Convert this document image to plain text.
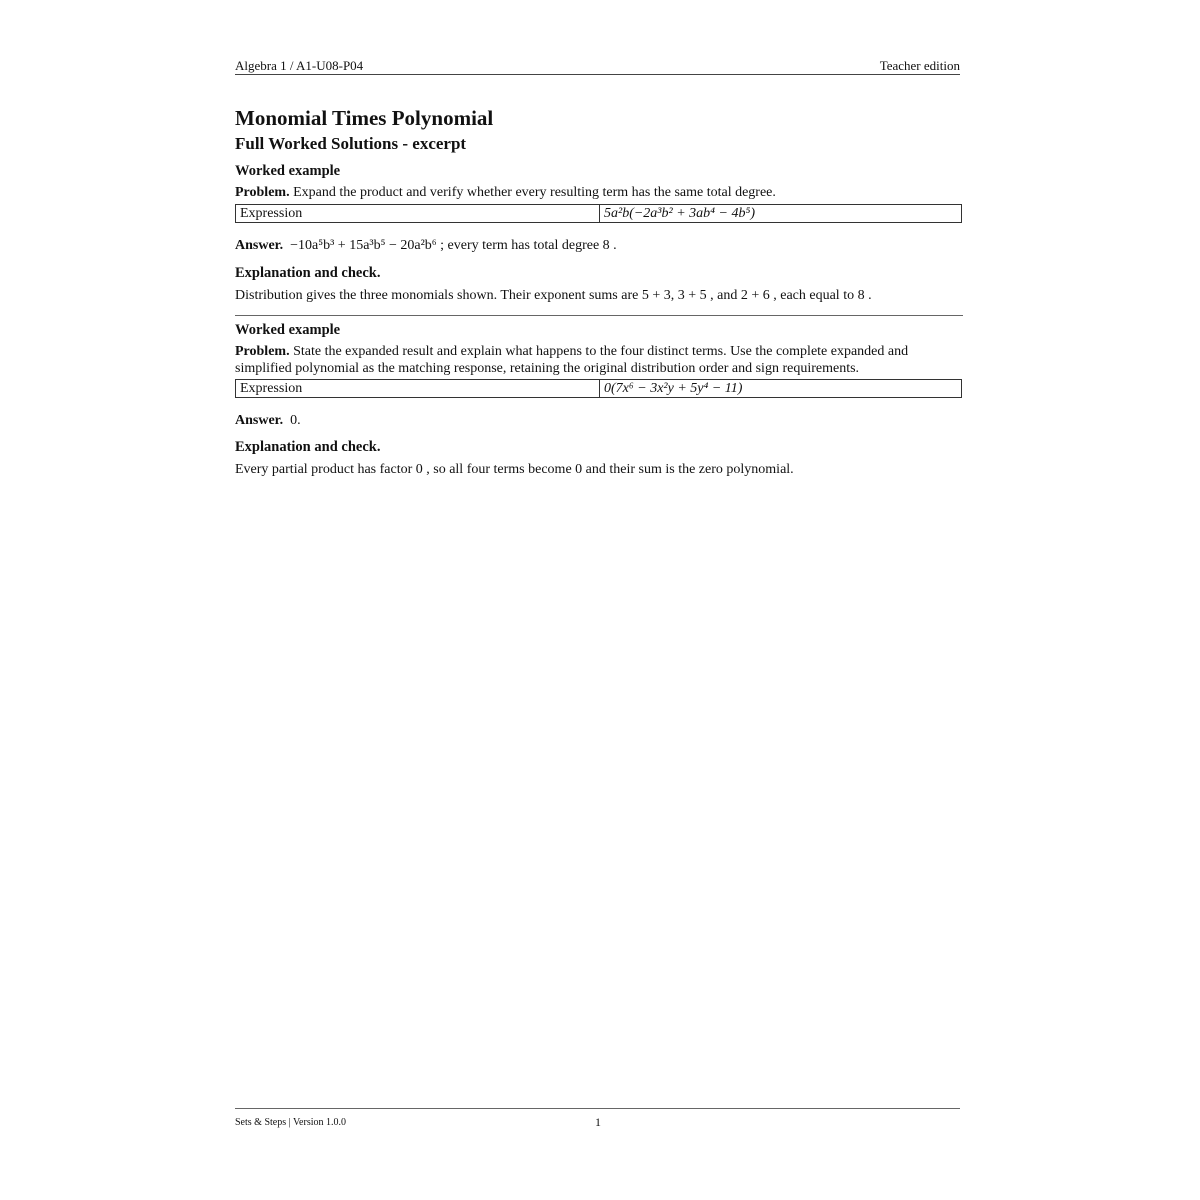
Algebra 1 / A1-U08-P04	Teacher edition
Monomial Times Polynomial
Full Worked Solutions - excerpt

Worked example

Problem. Expand the product and verify whether every resulting term has the same total degree.

Expression	5a²b(−2a³b² + 3ab⁴ − 4b⁵)

Answer. −10a⁵b³ + 15a³b⁵ − 20a²b⁶ ; every term has total degree 8 .

Explanation and check.

Distribution gives the three monomials shown. Their exponent sums are 5 + 3, 3 + 5 , and 2 + 6 , each equal to 8 .

Worked example

Problem. State the expanded result and explain what happens to the four distinct terms. Use the complete expanded and simplified polynomial as the matching response, retaining the original distribution order and sign requirements.

Expression	0(7x⁶ − 3x²y + 5y⁴ − 11)

Answer. 0.

Explanation and check.

Every partial product has factor 0 , so all four terms become 0 and their sum is the zero polynomial.

Sets & Steps | Version 1.0.0	1
